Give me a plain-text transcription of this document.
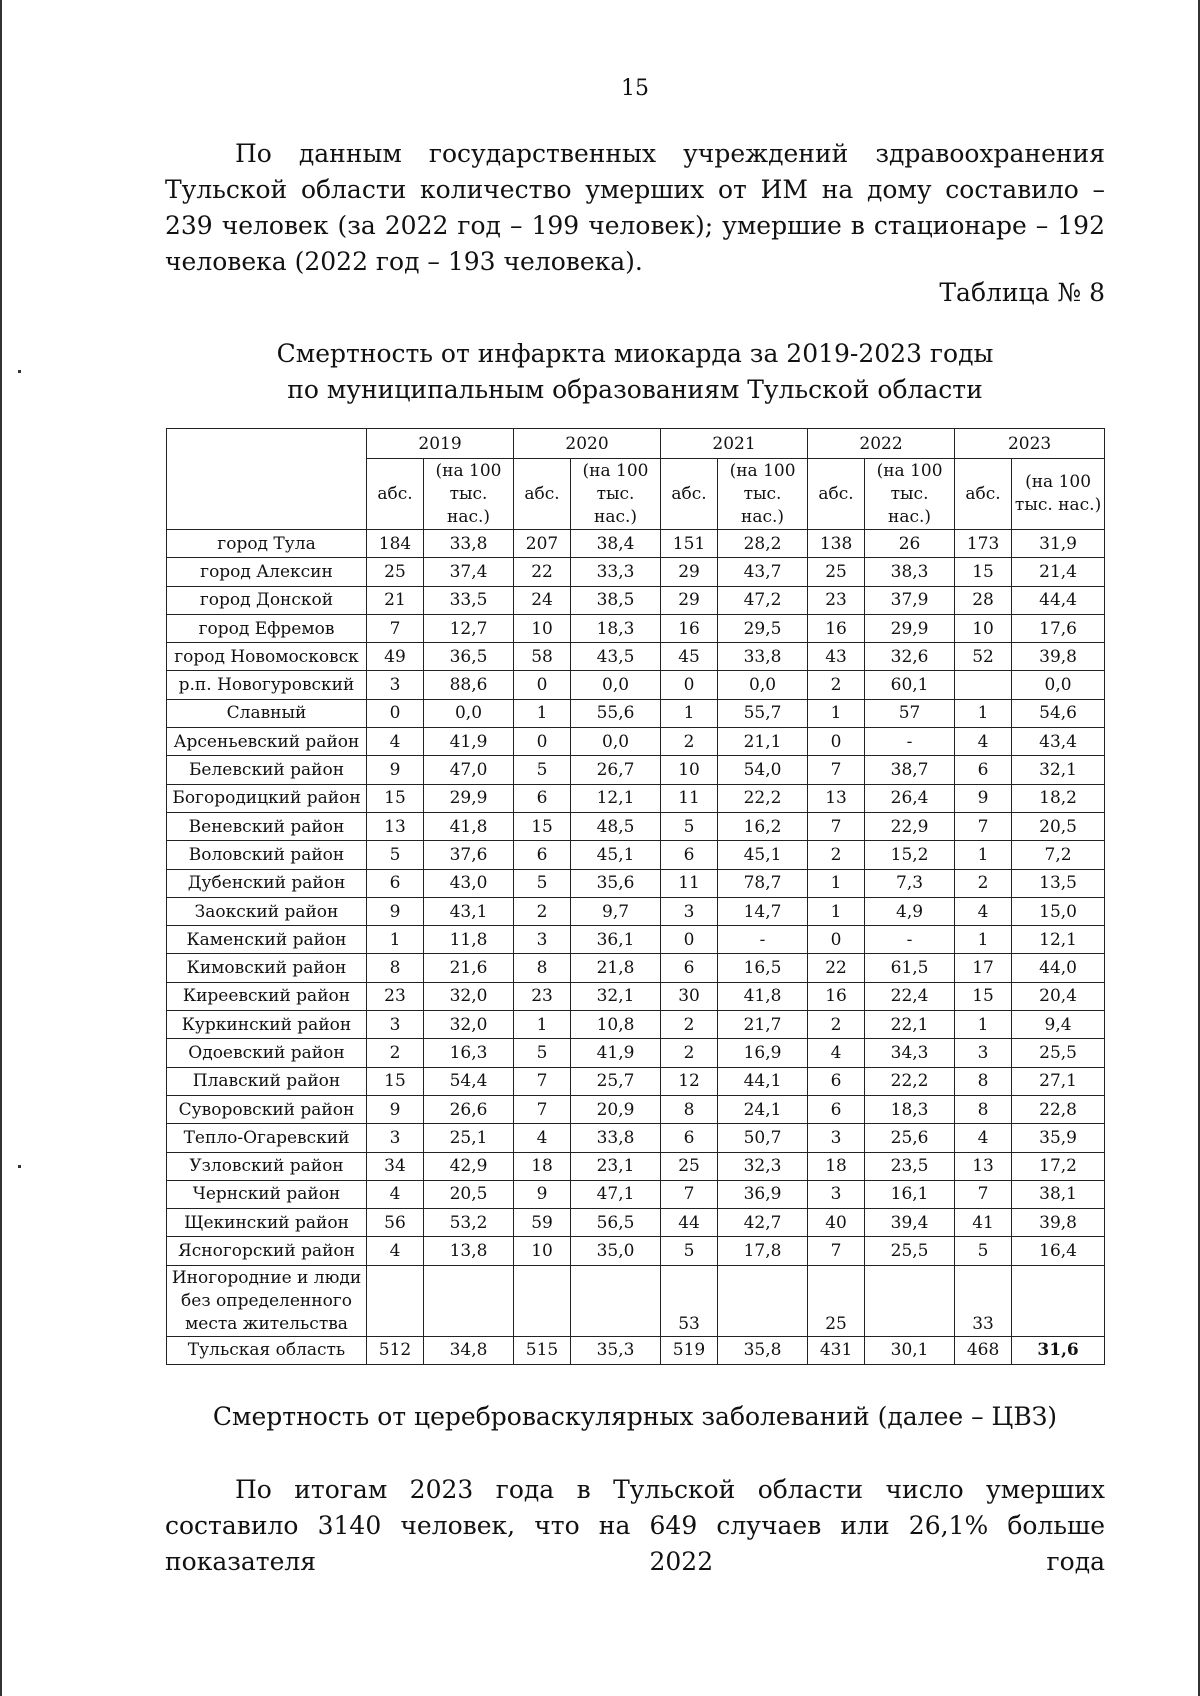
15
По данным государственных учреждений здравоохранения Тульской области количество умерших от ИМ на дому составило – 239 человек (за 2022 год – 199 человек); умершие в стационаре – 192 человека (2022 год – 193 человека).
Таблица № 8
Смертность от инфаркта миокарда за 2019-2023 годы
по муниципальным образованиям Тульской области
	2019		2020		2021		2022		2023	
	абс.	(на 100 тыс. нас.)	абс.	(на 100 тыс. нас.)	абс.	(на 100 тыс. нас.)	абс.	(на 100 тыс. нас.)	абс.	(на 100 тыс. нас.)
город Тула	184	33,8	207	38,4	151	28,2	138	26	173	31,9
город Алексин	25	37,4	22	33,3	29	43,7	25	38,3	15	21,4
город Донской	21	33,5	24	38,5	29	47,2	23	37,9	28	44,4
город Ефремов	7	12,7	10	18,3	16	29,5	16	29,9	10	17,6
город Новомосковск	49	36,5	58	43,5	45	33,8	43	32,6	52	39,8
р.п. Новогуровский	3	88,6	0	0,0	0	0,0	2	60,1		0,0
Славный	0	0,0	1	55,6	1	55,7	1	57	1	54,6
Арсеньевский район	4	41,9	0	0,0	2	21,1	0	-	4	43,4
Белевский район	9	47,0	5	26,7	10	54,0	7	38,7	6	32,1
Богородицкий район	15	29,9	6	12,1	11	22,2	13	26,4	9	18,2
Веневский район	13	41,8	15	48,5	5	16,2	7	22,9	7	20,5
Воловский район	5	37,6	6	45,1	6	45,1	2	15,2	1	7,2
Дубенский район	6	43,0	5	35,6	11	78,7	1	7,3	2	13,5
Заокский район	9	43,1	2	9,7	3	14,7	1	4,9	4	15,0
Каменский район	1	11,8	3	36,1	0	-	0	-	1	12,1
Кимовский район	8	21,6	8	21,8	6	16,5	22	61,5	17	44,0
Киреевский район	23	32,0	23	32,1	30	41,8	16	22,4	15	20,4
Куркинский район	3	32,0	1	10,8	2	21,7	2	22,1	1	9,4
Одоевский район	2	16,3	5	41,9	2	16,9	4	34,3	3	25,5
Плавский район	15	54,4	7	25,7	12	44,1	6	22,2	8	27,1
Суворовский район	9	26,6	7	20,9	8	24,1	6	18,3	8	22,8
Тепло-Огаревский	3	25,1	4	33,8	6	50,7	3	25,6	4	35,9
Узловский район	34	42,9	18	23,1	25	32,3	18	23,5	13	17,2
Чернский район	4	20,5	9	47,1	7	36,9	3	16,1	7	38,1
Щекинский район	56	53,2	59	56,5	44	42,7	40	39,4	41	39,8
Ясногорский район	4	13,8	10	35,0	5	17,8	7	25,5	5	16,4
Иногородние и люди без определенного места жительства					53		25		33	
Тульская область	512	34,8	515	35,3	519	35,8	431	30,1	468	31,6
Смертность от цереброваскулярных заболеваний (далее – ЦВЗ)
По итогам 2023 года в Тульской области число умерших составило 3140 человек, что на 649 случаев или 26,1% больше показателя 2022 года
